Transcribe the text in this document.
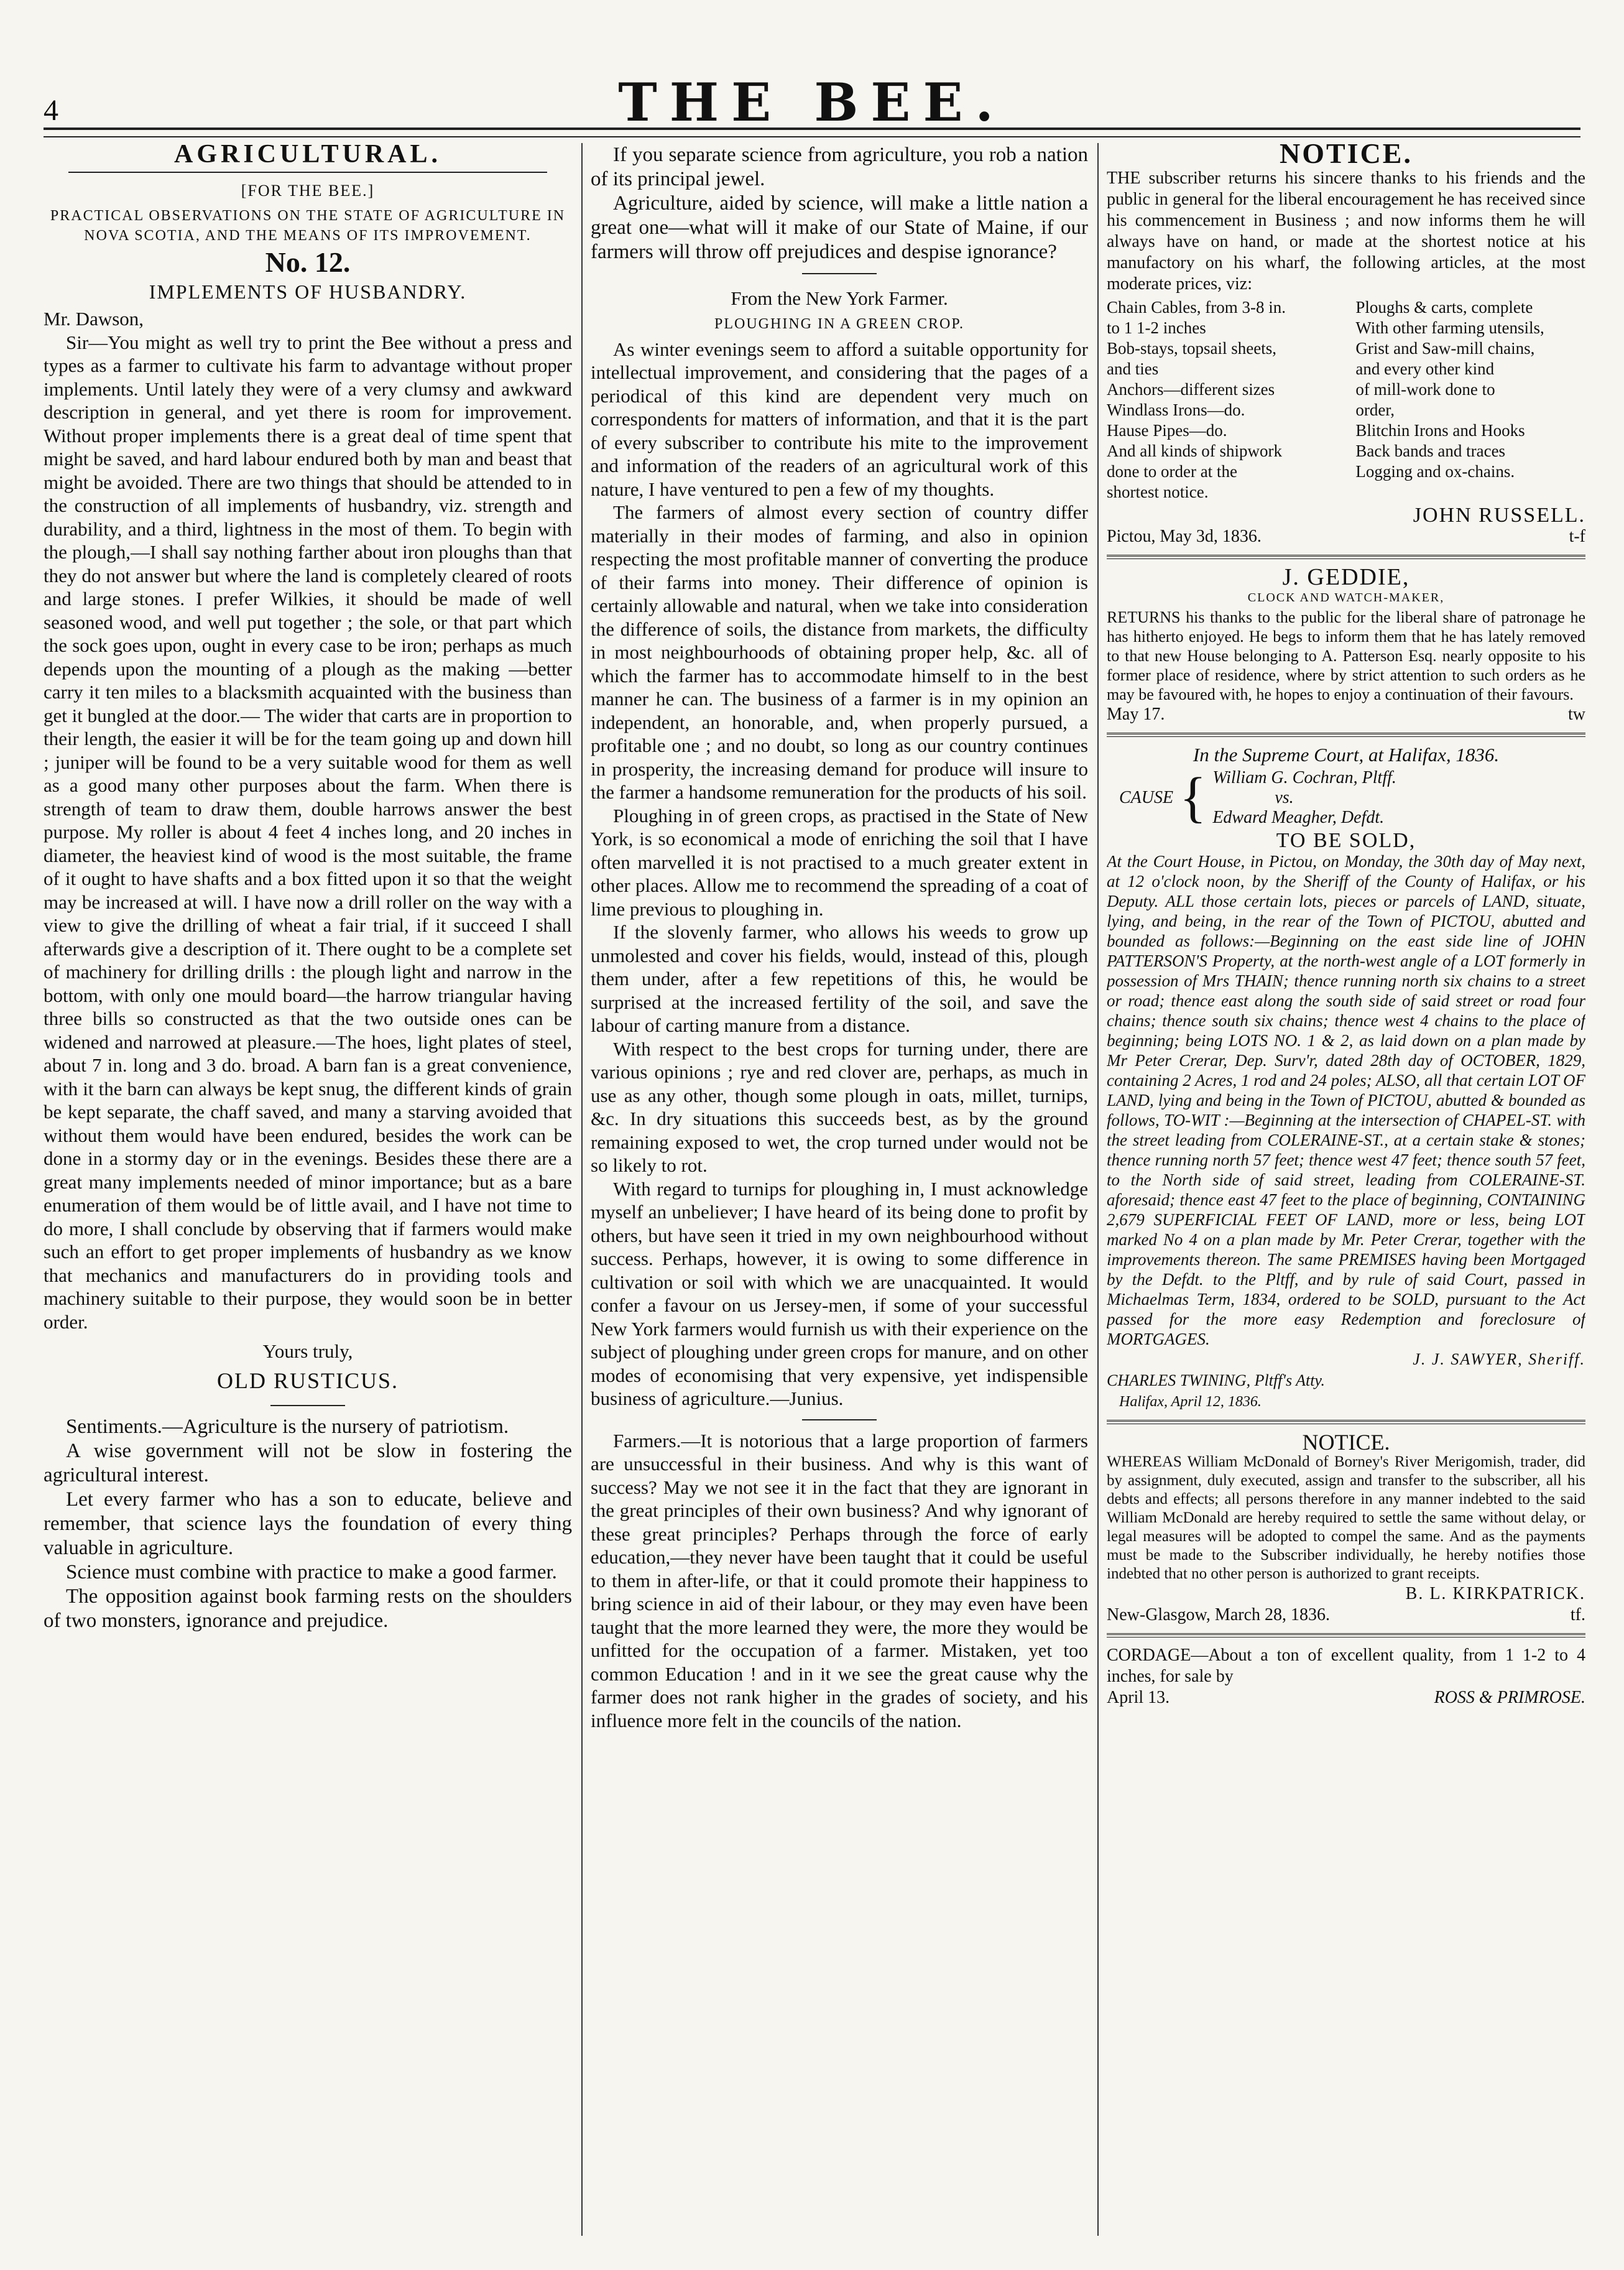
4	THE BEE.
AGRICULTURAL.
[FOR THE BEE.]
PRACTICAL OBSERVATIONS ON THE STATE OF AGRICULTURE IN NOVA SCOTIA, AND THE MEANS OF ITS IMPROVEMENT.
No. 12.
IMPLEMENTS OF HUSBANDRY.

Mr. Dawson,

Sir—You might as well try to print the Bee without a press and types as a farmer to cultivate his farm to advantage without proper implements. Until lately they were of a very clumsy and awkward description in general, and yet there is room for improvement. Without proper implements there is a great deal of time spent that might be saved, and hard labour endured both by man and beast that might be avoided. There are two things that should be attended to in the construction of all implements of husbandry, viz. strength and durability, and a third, lightness in the most of them. To begin with the plough,—I shall say nothing farther about iron ploughs than that they do not answer but where the land is completely cleared of roots and large stones. I prefer Wilkies, it should be made of well seasoned wood, and well put together ; the sole, or that part which the sock goes upon, ought in every case to be iron; perhaps as much depends upon the mounting of a plough as the making —better carry it ten miles to a blacksmith acquainted with the business than get it bungled at the door.— The wider that carts are in proportion to their length, the easier it will be for the team going up and down hill ; juniper will be found to be a very suitable wood for them as well as a good many other purposes about the farm. When there is strength of team to draw them, double harrows answer the best purpose. My roller is about 4 feet 4 inches long, and 20 inches in diameter, the heaviest kind of wood is the most suitable, the frame of it ought to have shafts and a box fitted upon it so that the weight may be increased at will. I have now a drill roller on the way with a view to give the drilling of wheat a fair trial, if it succeed I shall afterwards give a description of it. There ought to be a complete set of machinery for drilling drills : the plough light and narrow in the bottom, with only one mould board—the harrow triangular having three bills so constructed as that the two outside ones can be widened and narrowed at pleasure.—The hoes, light plates of steel, about 7 in. long and 3 do. broad. A barn fan is a great convenience, with it the barn can always be kept snug, the different kinds of grain be kept separate, the chaff saved, and many a starving avoided that without them would have been endured, besides the work can be done in a stormy day or in the evenings. Besides these there are a great many implements needed of minor importance; but as a bare enumeration of them would be of little avail, and I have not time to do more, I shall conclude by observing that if farmers would make such an effort to get proper implements of husbandry as we know that mechanics and manufacturers do in providing tools and machinery suitable to their purpose, they would soon be in better order.

Yours truly,
OLD RUSTICUS.

Sentiments.—Agriculture is the nursery of patriotism.

A wise government will not be slow in fostering the agricultural interest.

Let every farmer who has a son to educate, believe and remember, that science lays the foundation of every thing valuable in agriculture.

Science must combine with practice to make a good farmer.

The opposition against book farming rests on the shoulders of two monsters, ignorance and prejudice.

If you separate science from agriculture, you rob a nation of its principal jewel.

Agriculture, aided by science, will make a little nation a great one—what will it make of our State of Maine, if our farmers will throw off prejudices and despise ignorance?

From the New York Farmer.
PLOUGHING IN A GREEN CROP.

As winter evenings seem to afford a suitable opportunity for intellectual improvement, and considering that the pages of a periodical of this kind are dependent very much on correspondents for matters of information, and that it is the part of every subscriber to contribute his mite to the improvement and information of the readers of an agricultural work of this nature, I have ventured to pen a few of my thoughts.

The farmers of almost every section of country differ materially in their modes of farming, and also in opinion respecting the most profitable manner of converting the produce of their farms into money. Their difference of opinion is certainly allowable and natural, when we take into consideration the difference of soils, the distance from markets, the difficulty in most neighbourhoods of obtaining proper help, &c. all of which the farmer has to accommodate himself to in the best manner he can. The business of a farmer is in my opinion an independent, an honorable, and, when properly pursued, a profitable one ; and no doubt, so long as our country continues in prosperity, the increasing demand for produce will insure to the farmer a handsome remuneration for the products of his soil.

Ploughing in of green crops, as practised in the State of New York, is so economical a mode of enriching the soil that I have often marvelled it is not practised to a much greater extent in other places. Allow me to recommend the spreading of a coat of lime previous to ploughing in.

If the slovenly farmer, who allows his weeds to grow up unmolested and cover his fields, would, instead of this, plough them under, after a few repetitions of this, he would be surprised at the increased fertility of the soil, and save the labour of carting manure from a distance.

With respect to the best crops for turning under, there are various opinions ; rye and red clover are, perhaps, as much in use as any other, though some plough in oats, millet, turnips, &c. In dry situations this succeeds best, as by the ground remaining exposed to wet, the crop turned under would not be so likely to rot.

With regard to turnips for ploughing in, I must acknowledge myself an unbeliever; I have heard of its being done to profit by others, but have seen it tried in my own neighbourhood without success. Perhaps, however, it is owing to some difference in cultivation or soil with which we are unacquainted. It would confer a favour on us Jersey-men, if some of your successful New York farmers would furnish us with their experience on the subject of ploughing under green crops for manure, and on other modes of economising that very expensive, yet indispensible business of agriculture.—Junius.

Farmers.—It is notorious that a large proportion of farmers are unsuccessful in their business. And why is this want of success? May we not see it in the fact that they are ignorant in the great principles of their own business? And why ignorant of these great principles? Perhaps through the force of early education,—they never have been taught that it could be useful to them in after-life, or that it could promote their happiness to bring science in aid of their labour, or they may even have been taught that the more learned they were, the more they would be unfitted for the occupation of a farmer. Mistaken, yet too common Education ! and in it we see the great cause why the farmer does not rank higher in the grades of society, and his influence more felt in the councils of the nation.

NOTICE.

THE subscriber returns his sincere thanks to his friends and the public in general for the liberal encouragement he has received since his commencement in Business ; and now informs them he will always have on hand, or made at the shortest notice at his manufactory on his wharf, the following articles, at the most moderate prices, viz:

Chain Cables, from 3-8 in.
to 1 1-2 inches
Bob-stays, topsail sheets,
and ties
Anchors—different sizes
Windlass Irons—do.
Hause Pipes—do.
And all kinds of shipwork
done to order at the
shortest notice.
Ploughs & carts, complete
With other farming utensils,
Grist and Saw-mill chains,
and every other kind
of mill-work done to
order,
Blitchin Irons and Hooks
Back bands and traces
Logging and ox-chains.
JOHN RUSSELL.
Pictou, May 3d, 1836.	t-f
J. GEDDIE,
CLOCK AND WATCH-MAKER,

RETURNS his thanks to the public for the liberal share of patronage he has hitherto enjoyed. He begs to inform them that he has lately removed to that new House belonging to A. Patterson Esq. nearly opposite to his former place of residence, where by strict attention to such orders as he may be favoured with, he hopes to enjoy a continuation of their favours.

May 17.	tw
In the Supreme Court, at Halifax, 1836.
CAUSE { William G. Cochran, Pltff.
vs.
Edward Meagher, Defdt.
TO BE SOLD,

At the Court House, in Pictou, on Monday, the 30th day of May next, at 12 o'clock noon, by the Sheriff of the County of Halifax, or his Deputy. ALL those certain lots, pieces or parcels of LAND, situate, lying, and being, in the rear of the Town of PICTOU, abutted and bounded as follows:—Beginning on the east side line of JOHN PATTERSON'S Property, at the north-west angle of a LOT formerly in possession of Mrs THAIN; thence running north six chains to a street or road; thence east along the south side of said street or road four chains; thence south six chains; thence west 4 chains to the place of beginning; being LOTS NO. 1 & 2, as laid down on a plan made by Mr Peter Crerar, Dep. Surv'r, dated 28th day of OCTOBER, 1829, containing 2 Acres, 1 rod and 24 poles; ALSO, all that certain LOT OF LAND, lying and being in the Town of PICTOU, abutted & bounded as follows, TO-WIT :—Beginning at the intersection of CHAPEL-ST. with the street leading from COLERAINE-ST., at a certain stake & stones; thence running north 57 feet; thence west 47 feet; thence south 57 feet, to the North side of said street, leading from COLERAINE-ST. aforesaid; thence east 47 feet to the place of beginning, CONTAINING 2,679 SUPERFICIAL FEET OF LAND, more or less, being LOT marked No 4 on a plan made by Mr. Peter Crerar, together with the improvements thereon. The same PREMISES having been Mortgaged by the Defdt. to the Pltff, and by rule of said Court, passed in Michaelmas Term, 1834, ordered to be SOLD, pursuant to the Act passed for the more easy Redemption and foreclosure of MORTGAGES.

J. J. SAWYER, Sheriff.
CHARLES TWINING, Pltff's Atty.
Halifax, April 12, 1836.
NOTICE.

WHEREAS William McDonald of Borney's River Merigomish, trader, did by assignment, duly executed, assign and transfer to the subscriber, all his debts and effects; all persons therefore in any manner indebted to the said William McDonald are hereby required to settle the same without delay, or legal measures will be adopted to compel the same. And as the payments must be made to the Subscriber individually, he hereby notifies those indebted that no other person is authorized to grant receipts.

B. L. KIRKPATRICK.
New-Glasgow, March 28, 1836.	tf.

CORDAGE—About a ton of excellent quality, from 1 1-2 to 4 inches, for sale by

April 13.	ROSS & PRIMROSE.
